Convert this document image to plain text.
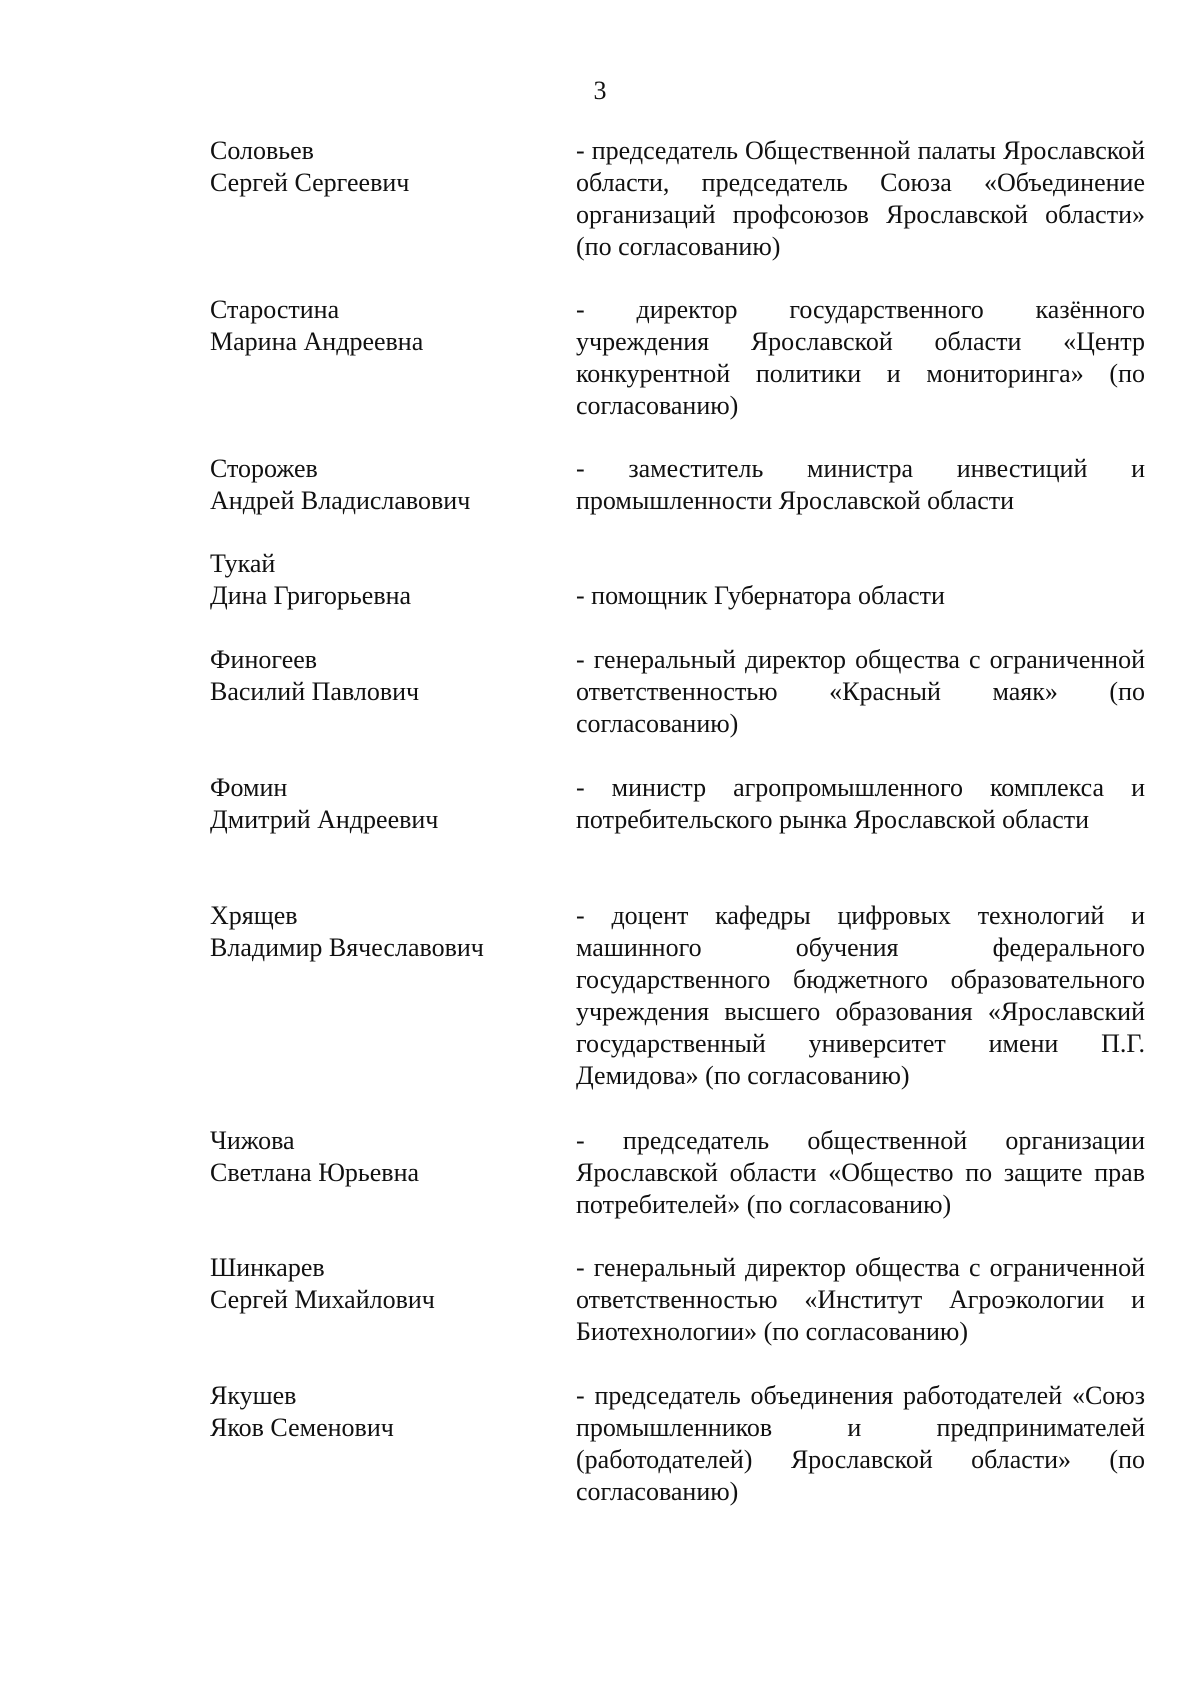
3
Соловьев
Сергей Сергеевич
- председатель Общественной палаты Ярославской области, председатель Союза «Объединение организаций профсоюзов Ярославской области» (по согласованию)
Старостина
Марина Андреевна
- директор государственного казённого учреждения Ярославской области «Центр конкурентной политики и мониторинга» (по согласованию)
Сторожев
Андрей Владиславович
- заместитель министра инвестиций и промышленности Ярославской области
Тукай
Дина Григорьевна	- помощник Губернатора области
Финогеев
Василий Павлович
- генеральный директор общества с ограниченной ответственностью «Красный маяк» (по согласованию)
Фомин
Дмитрий Андреевич
- министр агропромышленного комплекса и потребительского рынка Ярославской области
Хрящев
Владимир Вячеславович
- доцент кафедры цифровых технологий и машинного обучения федерального государственного бюджетного образовательного учреждения высшего образования «Ярославский государственный университет имени П.Г. Демидова» (по согласованию)
Чижова
Светлана Юрьевна
- председатель общественной организации Ярославской области «Общество по защите прав потребителей» (по согласованию)
Шинкарев
Сергей Михайлович
- генеральный директор общества с ограниченной ответственностью «Институт Агроэкологии и Биотехнологии» (по согласованию)
Якушев
Яков Семенович
- председатель объединения работодателей «Союз промышленников и предпринимателей (работодателей) Ярославской области» (по согласованию)
